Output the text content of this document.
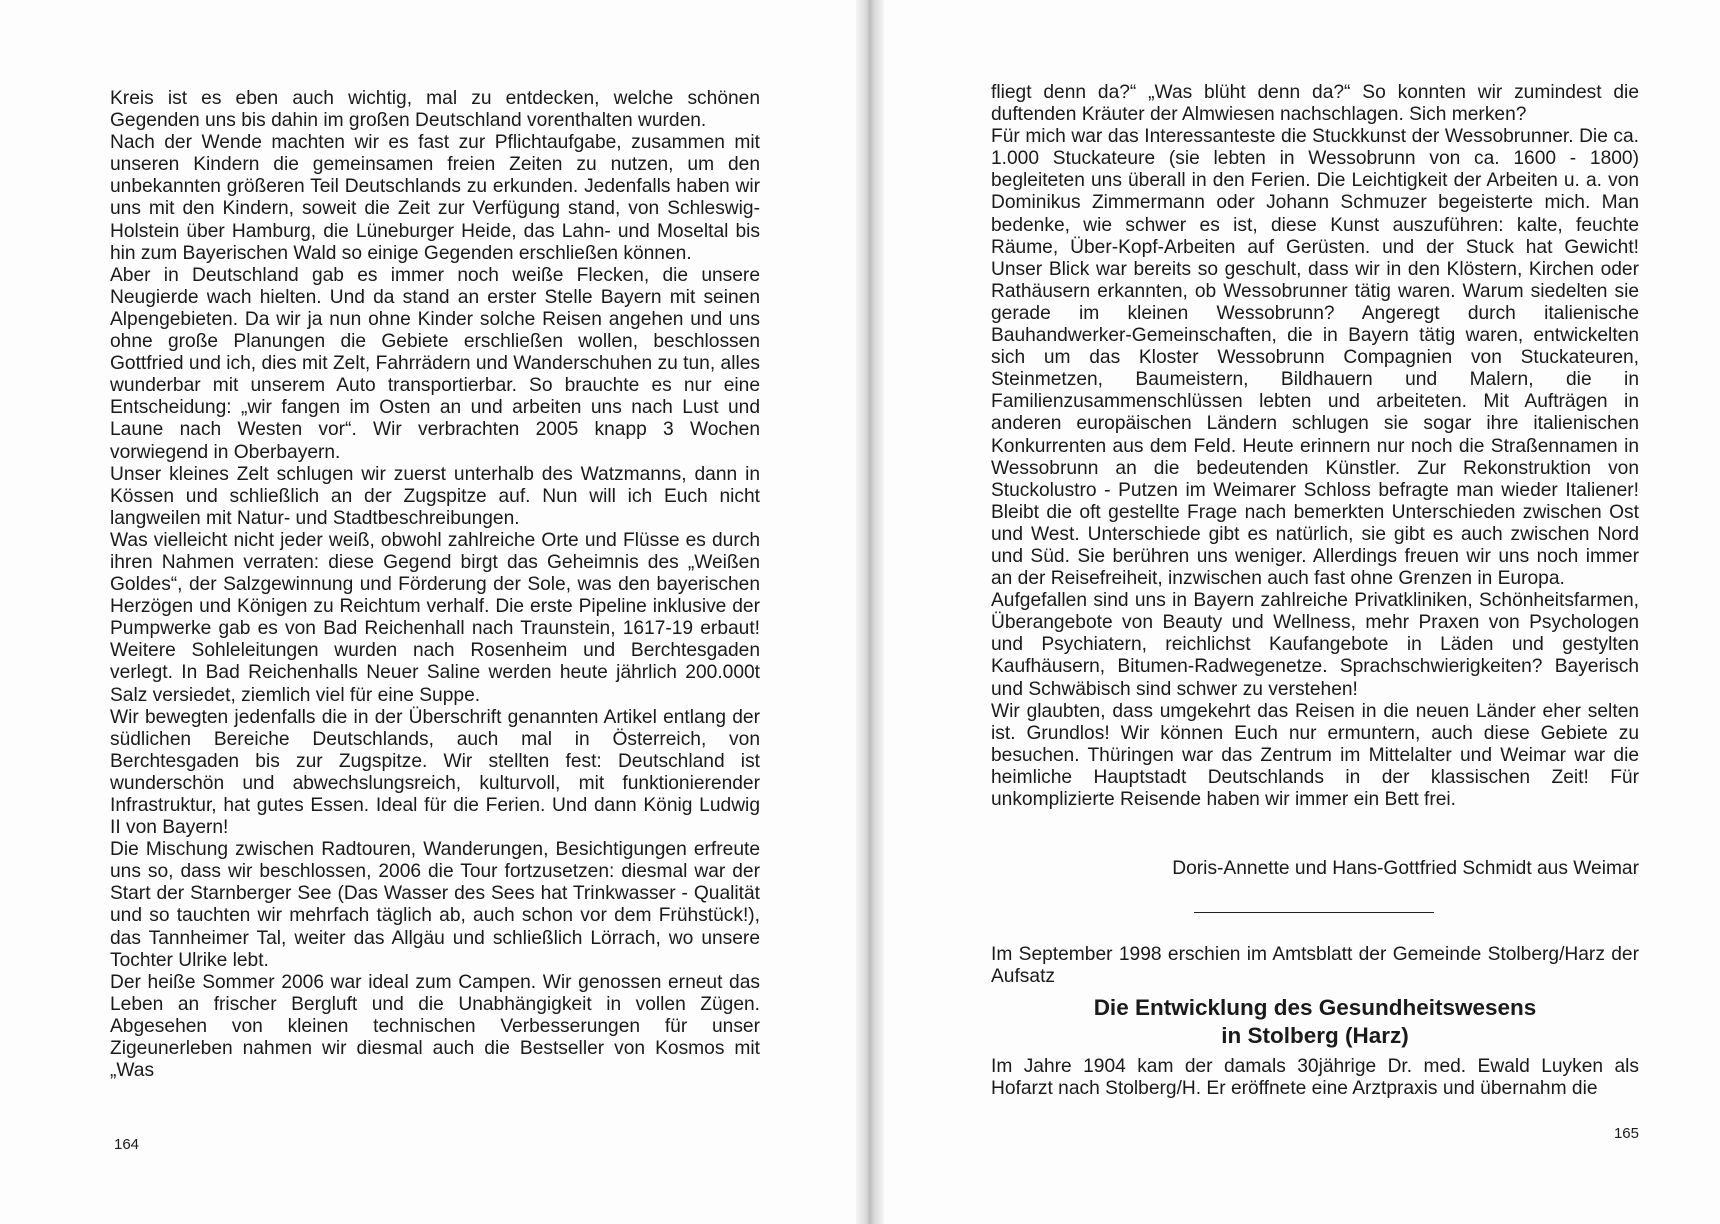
Kreis ist es eben auch wichtig, mal zu entdecken, welche schönen Gegenden uns bis dahin im großen Deutschland vorenthalten wurden.

Nach der Wende machten wir es fast zur Pflichtaufgabe, zusammen mit unseren Kindern die gemeinsamen freien Zeiten zu nutzen, um den unbekannten größeren Teil Deutschlands zu erkunden. Jedenfalls haben wir uns mit den Kindern, soweit die Zeit zur Verfügung stand, von Schleswig-Holstein über Hamburg, die Lüneburger Heide, das Lahn- und Moseltal bis hin zum Bayerischen Wald so einige Gegenden erschließen können.

Aber in Deutschland gab es immer noch weiße Flecken, die unsere Neugierde wach hielten. Und da stand an erster Stelle Bayern mit seinen Alpengebieten. Da wir ja nun ohne Kinder solche Reisen angehen und uns ohne große Planungen die Gebiete erschließen wollen, beschlossen Gottfried und ich, dies mit Zelt, Fahrrädern und Wanderschuhen zu tun, alles wunderbar mit unserem Auto transportierbar. So brauchte es nur eine Entscheidung: „wir fangen im Osten an und arbeiten uns nach Lust und Laune nach Westen vor“. Wir verbrachten 2005 knapp 3 Wochen vorwiegend in Oberbayern.

Unser kleines Zelt schlugen wir zuerst unterhalb des Watzmanns, dann in Kössen und schließlich an der Zugspitze auf. Nun will ich Euch nicht langweilen mit Natur- und Stadtbeschreibungen.

Was vielleicht nicht jeder weiß, obwohl zahlreiche Orte und Flüsse es durch ihren Nahmen verraten: diese Gegend birgt das Geheimnis des „Weißen Goldes“, der Salzgewinnung und Förderung der Sole, was den bayerischen Herzögen und Königen zu Reichtum verhalf. Die erste Pipeline inklusive der Pumpwerke gab es von Bad Reichenhall nach Traunstein, 1617-19 erbaut! Weitere Sohleleitungen wurden nach Rosenheim und Berchtesgaden verlegt. In Bad Reichenhalls Neuer Saline werden heute jährlich 200.000t Salz versiedet, ziemlich viel für eine Suppe.

Wir bewegten jedenfalls die in der Überschrift genannten Artikel entlang der südlichen Bereiche Deutschlands, auch mal in Österreich, von Berchtesgaden bis zur Zugspitze. Wir stellten fest: Deutschland ist wunderschön und abwechslungsreich, kulturvoll, mit funktionierender Infrastruktur, hat gutes Essen. Ideal für die Ferien. Und dann König Ludwig II von Bayern!

Die Mischung zwischen Radtouren, Wanderungen, Besichtigungen erfreute uns so, dass wir beschlossen, 2006 die Tour fortzusetzen: diesmal war der Start der Starnberger See (Das Wasser des Sees hat Trinkwasser - Qualität und so tauchten wir mehrfach täglich ab, auch schon vor dem Frühstück!), das Tannheimer Tal, weiter das Allgäu und schließlich Lörrach, wo unsere Tochter Ulrike lebt.

Der heiße Sommer 2006 war ideal zum Campen. Wir genossen erneut das Leben an frischer Bergluft und die Unabhängigkeit in vollen Zügen. Abgesehen von kleinen technischen Verbesserungen für unser Zigeunerleben nahmen wir diesmal auch die Bestseller von Kosmos mit „Was

164

fliegt denn da?“ „Was blüht denn da?“ So konnten wir zumindest die duftenden Kräuter der Almwiesen nachschlagen. Sich merken?

Für mich war das Interessanteste die Stuckkunst der Wessobrunner. Die ca. 1.000 Stuckateure (sie lebten in Wessobrunn von ca. 1600 - 1800) begleiteten uns überall in den Ferien. Die Leichtigkeit der Arbeiten u. a. von Dominikus Zimmermann oder Johann Schmuzer begeisterte mich. Man bedenke, wie schwer es ist, diese Kunst auszuführen: kalte, feuchte Räume, Über-Kopf-Arbeiten auf Gerüsten. und der Stuck hat Gewicht! Unser Blick war bereits so geschult, dass wir in den Klöstern, Kirchen oder Rathäusern erkannten, ob Wessobrunner tätig waren. Warum siedelten sie gerade im kleinen Wessobrunn? Angeregt durch italienische Bauhandwerker-Gemeinschaften, die in Bayern tätig waren, entwickelten sich um das Kloster Wessobrunn Compagnien von Stuckateuren, Steinmetzen, Baumeistern, Bildhauern und Malern, die in Familienzusammenschlüssen lebten und arbeiteten. Mit Aufträgen in anderen europäischen Ländern schlugen sie sogar ihre italienischen Konkurrenten aus dem Feld. Heute erinnern nur noch die Straßennamen in Wessobrunn an die bedeutenden Künstler. Zur Rekonstruktion von Stuckolustro - Putzen im Weimarer Schloss befragte man wieder Italiener! Bleibt die oft gestellte Frage nach bemerkten Unterschieden zwischen Ost und West. Unterschiede gibt es natürlich, sie gibt es auch zwischen Nord und Süd. Sie berühren uns weniger. Allerdings freuen wir uns noch immer an der Reisefreiheit, inzwischen auch fast ohne Grenzen in Europa.

Aufgefallen sind uns in Bayern zahlreiche Privatkliniken, Schönheitsfarmen, Überangebote von Beauty und Wellness, mehr Praxen von Psychologen und Psychiatern, reichlichst Kaufangebote in Läden und gestylten Kaufhäusern, Bitumen-Radwegenetze. Sprachschwierigkeiten? Bayerisch und Schwäbisch sind schwer zu verstehen!

Wir glaubten, dass umgekehrt das Reisen in die neuen Länder eher selten ist. Grundlos! Wir können Euch nur ermuntern, auch diese Gebiete zu besuchen. Thüringen war das Zentrum im Mittelalter und Weimar war die heimliche Hauptstadt Deutschlands in der klassischen Zeit! Für unkomplizierte Reisende haben wir immer ein Bett frei.

Doris-Annette und Hans-Gottfried Schmidt aus Weimar

Im September 1998 erschien im Amtsblatt der Gemeinde Stolberg/Harz der Aufsatz

Die Entwicklung des Gesundheitswesens
in Stolberg (Harz)

Im Jahre 1904 kam der damals 30jährige Dr. med. Ewald Luyken als Hofarzt nach Stolberg/H. Er eröffnete eine Arztpraxis und übernahm die

165
